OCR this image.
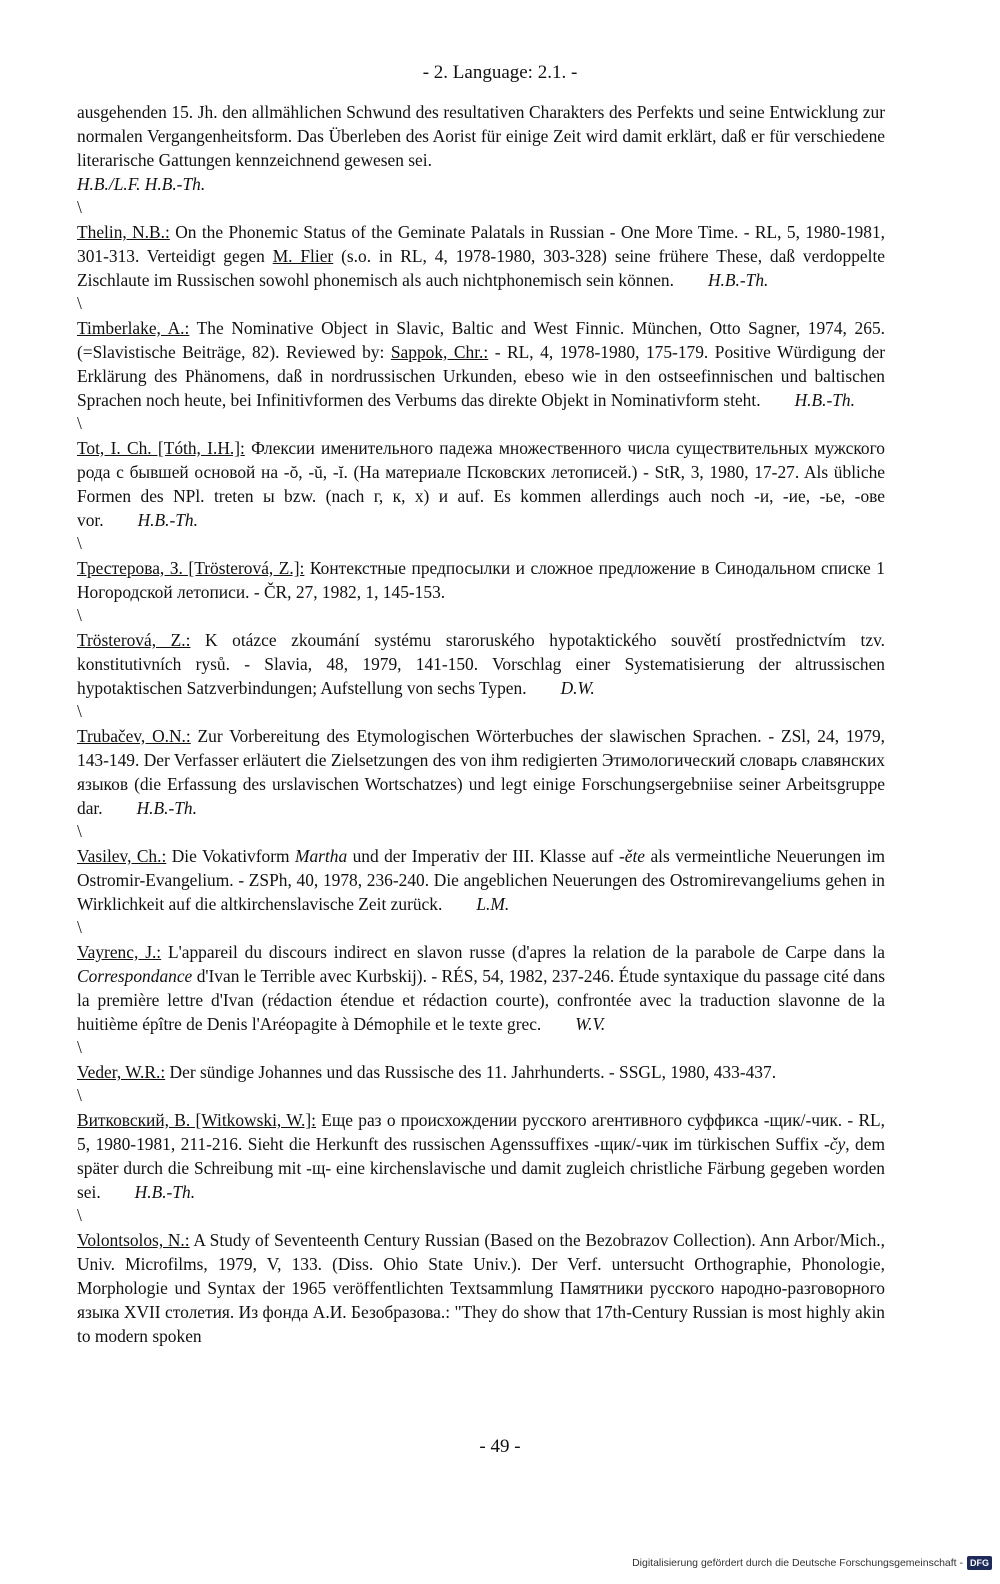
- 2. Language: 2.1. -

ausgehenden 15. Jh. den allmählichen Schwund des resultativen Charakters des Perfekts und seine Entwicklung zur normalen Vergangenheitsform. Das Überleben des Aorist für einige Zeit wird damit erklärt, daß er für verschiedene literarische Gattungen kennzeichnend gewesen sei.
H.B./L.F. H.B.-Th.

\

Thelin, N.B.: On the Phonemic Status of the Geminate Palatals in Russian - One More Time. - RL, 5, 1980-1981, 301-313. Verteidigt gegen M. Flier (s.o. in RL, 4, 1978-1980, 303-328) seine frühere These, daß verdoppelte Zischlaute im Russischen sowohl phonemisch als auch nichtphonemisch sein können. H.B.-Th.

\

Timberlake, A.: The Nominative Object in Slavic, Baltic and West Finnic. München, Otto Sagner, 1974, 265. (=Slavistische Beiträge, 82). Reviewed by: Sappok, Chr.: - RL, 4, 1978-1980, 175-179. Positive Würdigung der Erklärung des Phänomens, daß in nordrussischen Urkunden, ebeso wie in den ostseefinnischen und baltischen Sprachen noch heute, bei Infinitivformen des Verbums das direkte Objekt in Nominativform steht. H.B.-Th.

\

Tot, I. Ch. [Tóth, I.H.]: Флексии именительного падежа множественного числа существительных мужского рода с бывшей основой на -ŏ, -ŭ, -ĭ. (На материале Псковских летописей.) - StR, 3, 1980, 17-27. Als übliche Formen des NPl. treten ы bzw. (nach г, к, х) и auf. Es kommen allerdings auch noch -и, -ие, -ье, -ове vor. H.B.-Th.

\

Трестерова, З. [Trösterová, Z.]: Контекстные предпосылки и сложное предложение в Синодальном списке 1 Ногородской летописи. - ČR, 27, 1982, 1, 145-153.

\

Trösterová, Z.: K otázce zkoumání systému staroruského hypotaktického souvětí prostřednictvím tzv. konstitutivních rysů. - Slavia, 48, 1979, 141-150. Vorschlag einer Systematisierung der altrussischen hypotaktischen Satzverbindungen; Aufstellung von sechs Typen. D.W.

\

Trubačev, O.N.: Zur Vorbereitung des Etymologischen Wörterbuches der slawischen Sprachen. - ZSl, 24, 1979, 143-149. Der Verfasser erläutert die Zielsetzungen des von ihm redigierten Этимологический словарь славянских языков (die Erfassung des urslavischen Wortschatzes) und legt einige Forschungsergebniise seiner Arbeitsgruppe dar. H.B.-Th.

\

Vasilev, Ch.: Die Vokativform Martha und der Imperativ der III. Klasse auf -ěte als vermeintliche Neuerungen im Ostromir-Evangelium. - ZSPh, 40, 1978, 236-240. Die angeblichen Neuerungen des Ostromirevangeliums gehen in Wirklichkeit auf die altkirchenslavische Zeit zurück. L.M.

\

Vayrenc, J.: L'appareil du discours indirect en slavon russe (d'apres la relation de la parabole de Carpe dans la Correspondance d'Ivan le Terrible avec Kurbskij). - RÉS, 54, 1982, 237-246. Étude syntaxique du passage cité dans la première lettre d'Ivan (rédaction étendue et rédaction courte), confrontée avec la traduction slavonne de la huitième épître de Denis l'Aréopagite à Démophile et le texte grec. W.V.

\

Veder, W.R.: Der sündige Johannes und das Russische des 11. Jahrhunderts. - SSGL, 1980, 433-437.

\

Витковский, В. [Witkowski, W.]: Еще раз о происхождении русского агентивного суффикса -щик/-чик. - RL, 5, 1980-1981, 211-216. Sieht die Herkunft des russischen Agenssuffixes -щик/-чик im türkischen Suffix -čy, dem später durch die Schreibung mit -щ- eine kirchenslavische und damit zugleich christliche Färbung gegeben worden sei. H.B.-Th.

\

Volontsolos, N.: A Study of Seventeenth Century Russian (Based on the Bezobrazov Collection). Ann Arbor/Mich., Univ. Microfilms, 1979, V, 133. (Diss. Ohio State Univ.). Der Verf. untersucht Orthographie, Phonologie, Morphologie und Syntax der 1965 veröffentlichten Textsammlung Памятники русского народно-разговорного языка XVII столетия. Из фонда А.И. Безобразова.: "They do show that 17th-Century Russian is most highly akin to modern spoken

- 49 -
Digitalisierung gefördert durch die Deutsche Forschungsgemeinschaft - DFG
